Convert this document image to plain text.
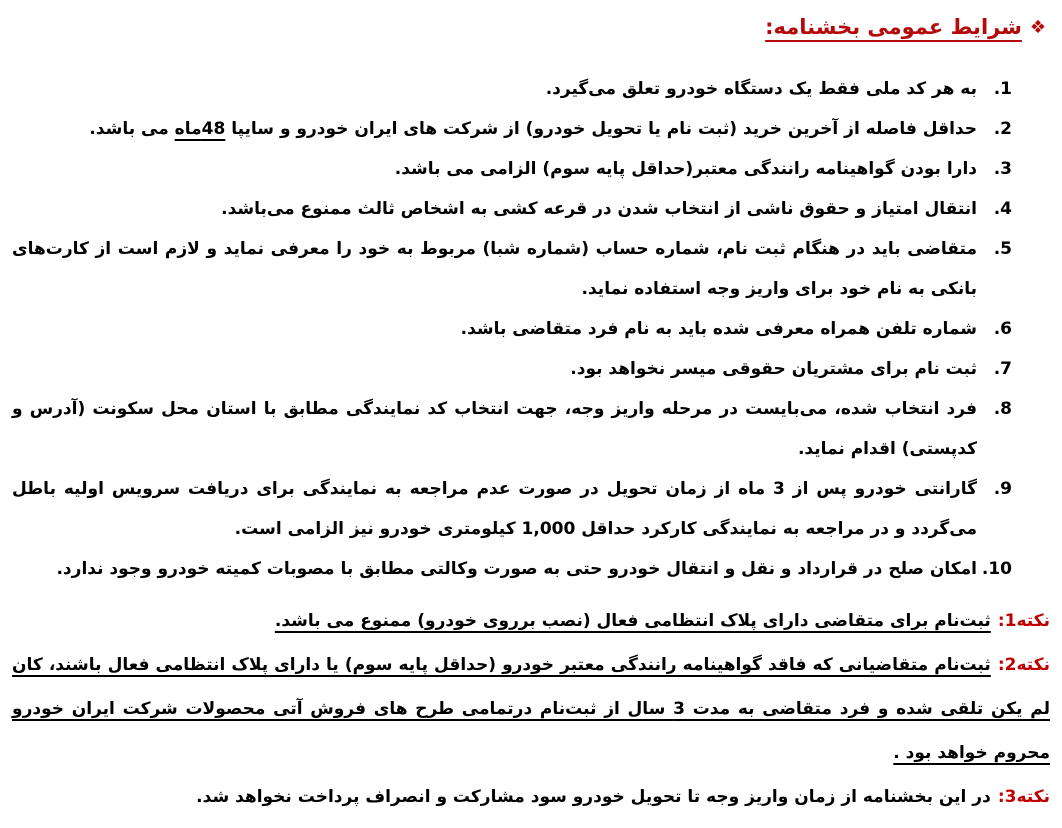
❖شرایط عمومی بخشنامه:
1.
به هر کد ملی فقط یک دستگاه خودرو تعلق می‌گیرد.
2.
حداقل فاصله از آخرین خرید (ثبت نام یا تحویل خودرو) از شرکت های ایران خودرو و سایپا 48ماه می باشد.
3.
دارا بودن گواهینامه رانندگی معتبر(حداقل پایه سوم) الزامی می باشد.
4.
انتقال امتیاز و حقوق ناشی از انتخاب شدن در قرعه کشی به اشخاص ثالث ممنوع می‌باشد.
5.
متقاضی باید در هنگام ثبت نام، شماره حساب (شماره شبا) مربوط به خود را معرفی نماید و لازم است از کارت‌های بانکی به نام خود برای واریز وجه استفاده نماید.
6.
شماره تلفن همراه معرفی شده باید به نام فرد متقاضی باشد.
7.
ثبت نام برای مشتریان حقوقی میسر نخواهد بود.
8.
فرد انتخاب شده، می‌بایست در مرحله واریز وجه، جهت انتخاب کد نمایندگی مطابق با استان محل سکونت (آدرس و کدپستی) اقدام نماید.
9.
گارانتی خودرو پس از 3 ماه از زمان تحویل در صورت عدم مراجعه به نمایندگی برای دریافت سرویس اولیه باطل می‌گردد و در مراجعه به نمایندگی کارکرد حداقل 1,000 کیلومتری خودرو نیز الزامی است.
10.
امکان صلح در قرارداد و نقل و انتقال خودرو حتی به صورت وکالتی مطابق با مصوبات کمیته خودرو وجود ندارد.
نکته1:ثبت‌نام برای متقاضی دارای پلاک انتظامی فعال (نصب برروی خودرو) ممنوع می باشد.
نکته2:ثبت‌نام متقاضیانی که فاقد گواهینامه رانندگی معتبر خودرو (حداقل پایه سوم) یا دارای پلاک انتظامی فعال باشند، کان لم یکن تلقی شده و فرد متقاضی به مدت 3 سال از ثبت‌نام درتمامی طرح های فروش آتی محصولات شرکت ایران خودرو محروم خواهد بود .
نکته3:در این بخشنامه از زمان واریز وجه تا تحویل خودرو سود مشارکت و انصراف پرداخت نخواهد شد.
